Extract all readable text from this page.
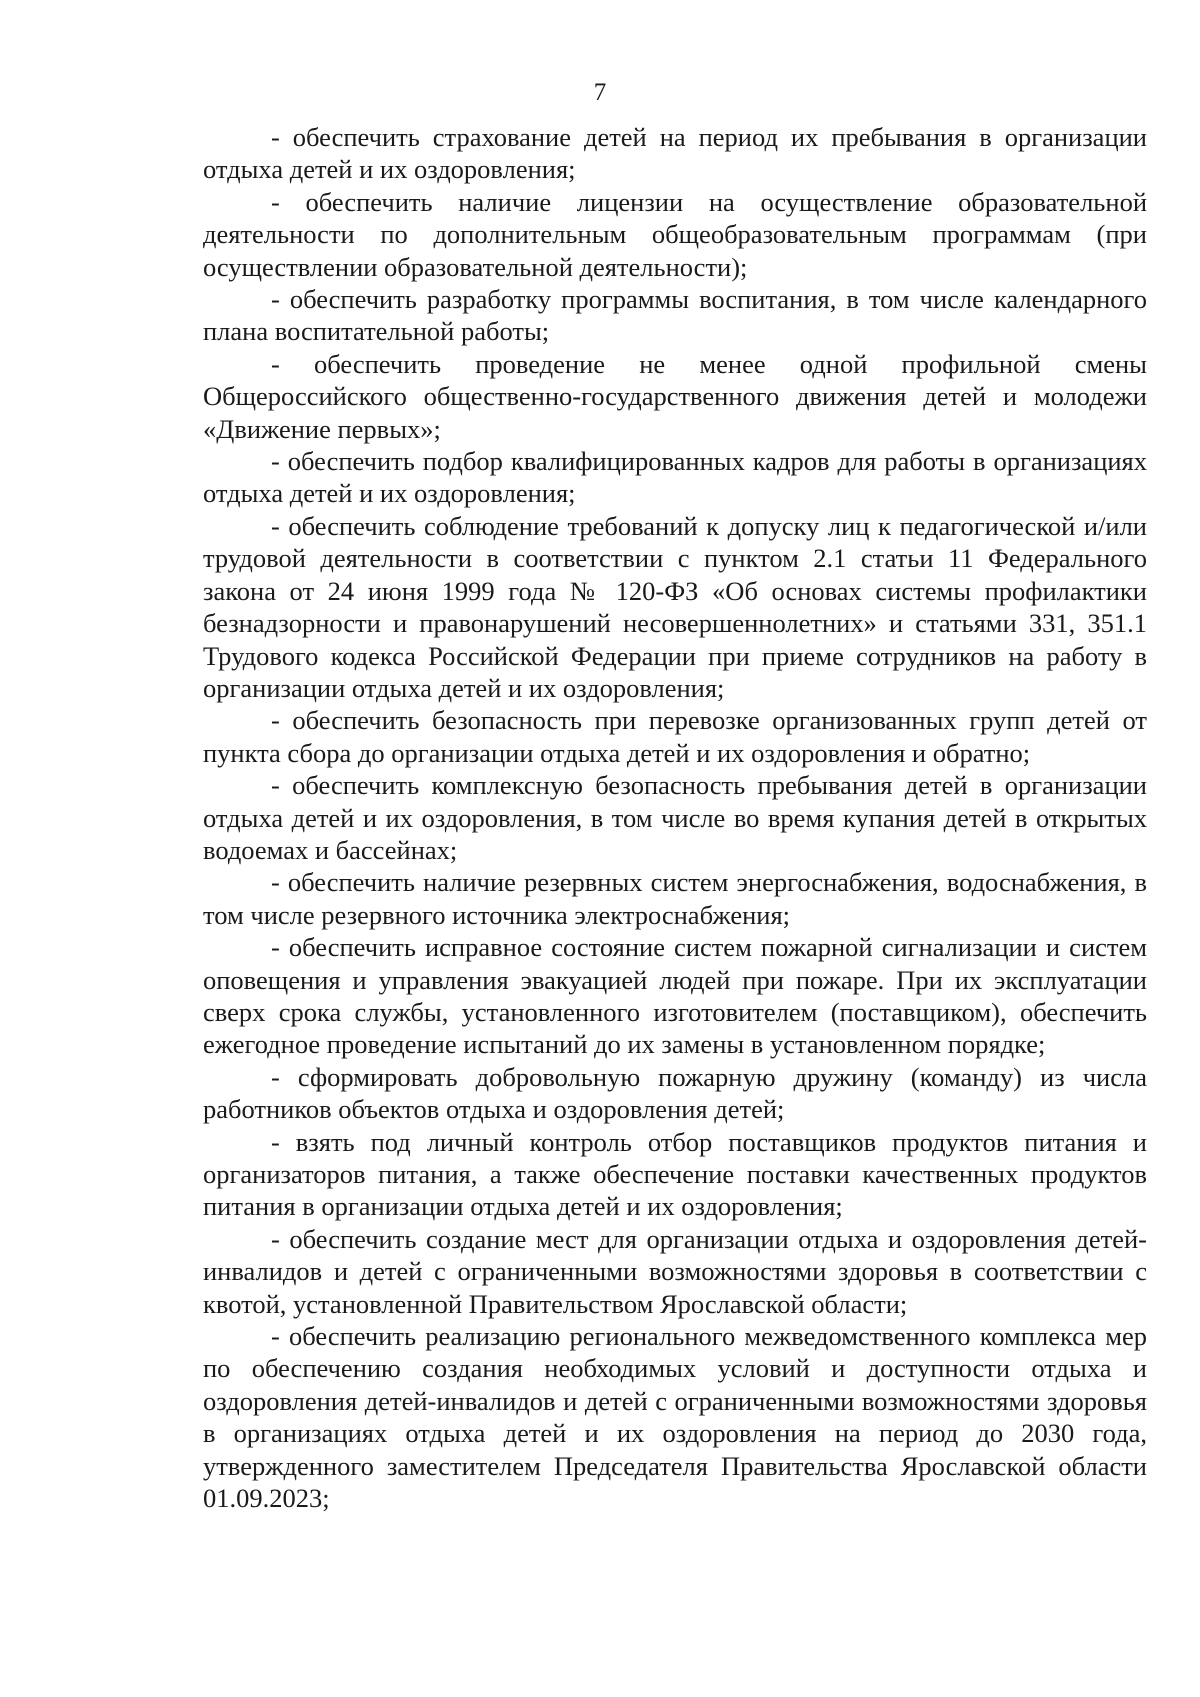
7

- обеспечить страхование детей на период их пребывания в организации отдыха детей и их оздоровления;

- обеспечить наличие лицензии на осуществление образовательной деятельности по дополнительным общеобразовательным программам (при осуществлении образовательной деятельности);

- обеспечить разработку программы воспитания, в том числе календарного плана воспитательной работы;

- обеспечить проведение не менее одной профильной смены Общероссийского общественно-государственного движения детей и молодежи «Движение первых»;

- обеспечить подбор квалифицированных кадров для работы в организациях отдыха детей и их оздоровления;

- обеспечить соблюдение требований к допуску лиц к педагогической и/или трудовой деятельности в соответствии с пунктом 2.1 статьи 11 Федерального закона от 24 июня 1999 года № 120-ФЗ «Об основах системы профилактики безнадзорности и правонарушений несовершеннолетних» и статьями 331, 351.1 Трудового кодекса Российской Федерации при приеме сотрудников на работу в организации отдыха детей и их оздоровления;

- обеспечить безопасность при перевозке организованных групп детей от пункта сбора до организации отдыха детей и их оздоровления и обратно;

- обеспечить комплексную безопасность пребывания детей в организации отдыха детей и их оздоровления, в том числе во время купания детей в открытых водоемах и бассейнах;

- обеспечить наличие резервных систем энергоснабжения, водоснабжения, в том числе резервного источника электроснабжения;

- обеспечить исправное состояние систем пожарной сигнализации и систем оповещения и управления эвакуацией людей при пожаре. При их эксплуатации сверх срока службы, установленного изготовителем (поставщиком), обеспечить ежегодное проведение испытаний до их замены в установленном порядке;

- сформировать добровольную пожарную дружину (команду) из числа работников объектов отдыха и оздоровления детей;

- взять под личный контроль отбор поставщиков продуктов питания и организаторов питания, а также обеспечение поставки качественных продуктов питания в организации отдыха детей и их оздоровления;

- обеспечить создание мест для организации отдыха и оздоровления детей-инвалидов и детей с ограниченными возможностями здоровья в соответствии с квотой, установленной Правительством Ярославской области;

- обеспечить реализацию регионального межведомственного комплекса мер по обеспечению создания необходимых условий и доступности отдыха и оздоровления детей-инвалидов и детей с ограниченными возможностями здоровья в организациях отдыха детей и их оздоровления на период до 2030 года, утвержденного заместителем Председателя Правительства Ярославской области 01.09.2023;
